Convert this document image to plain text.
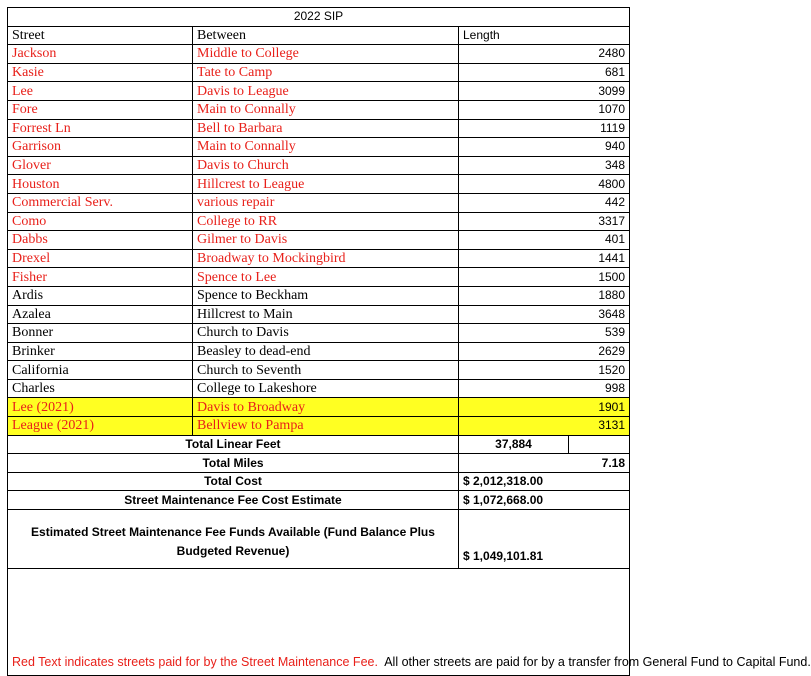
2022 SIP		
Street	Between	Length
Jackson	Middle to College	2480
Kasie	Tate to Camp	681
Lee	Davis to League	3099
Fore	Main to Connally	1070
Forrest Ln	Bell to Barbara	1119
Garrison	Main to Connally	940
Glover	Davis to Church	348
Houston	Hillcrest to League	4800
Commercial Serv.	various repair	442
Como	College to RR	3317
Dabbs	Gilmer to Davis	401
Drexel	Broadway to Mockingbird	1441
Fisher	Spence to Lee	1500
Ardis	Spence to Beckham	1880
Azalea	Hillcrest to Main	3648
Bonner	Church to Davis	539
Brinker	Beasley to dead-end	2629
California	Church to Seventh	1520
Charles	College to Lakeshore	998
Lee (2021)	Davis to Broadway	1901
League (2021)	Bellview to Pampa	3131
Total Linear Feet	37,884	
Total Miles		7.18
Total Cost	$ 2,012,318.00	
Street Maintenance Fee Cost Estimate	$ 1,072,668.00	
Estimated Street Maintenance Fee Funds Available (Fund Balance Plus Budgeted Revenue)	$ 1,049,101.81	
Red Text indicates streets paid for by the Street Maintenance Fee. All other streets are paid for by a transfer from General Fund to Capital Fund.		
